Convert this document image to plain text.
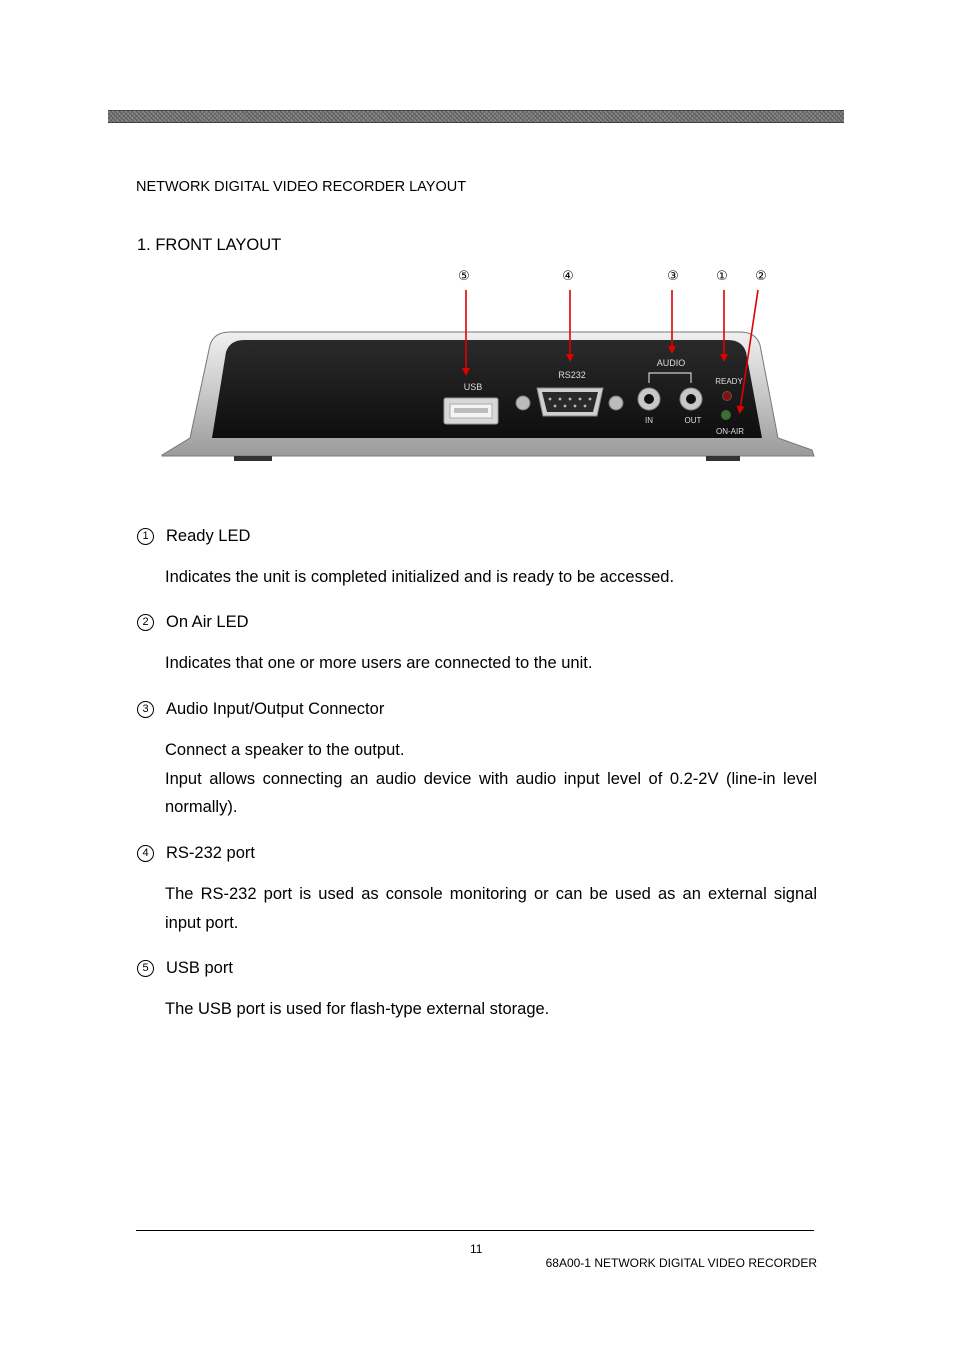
NETWORK DIGITAL VIDEO RECORDER LAYOUT
1. FRONT LAYOUT
⑤	④	③	① ②
USB
RS232
AUDIO
IN	OUT
READY
ON-AIR
1	Ready LED
Indicates the unit is completed initialized and is ready to be accessed.
2	On Air LED
Indicates that one or more users are connected to the unit.
3	Audio Input/Output Connector
Connect a speaker to the output.
Input allows connecting an audio device with audio input level of 0.2-2V (line-in level normally).
4	RS-232 port
The RS-232 port is used as console monitoring or can be used as an external signal input port.
5	USB port
The USB port is used for flash-type external storage.
11
68A00-1 NETWORK DIGITAL VIDEO RECORDER
